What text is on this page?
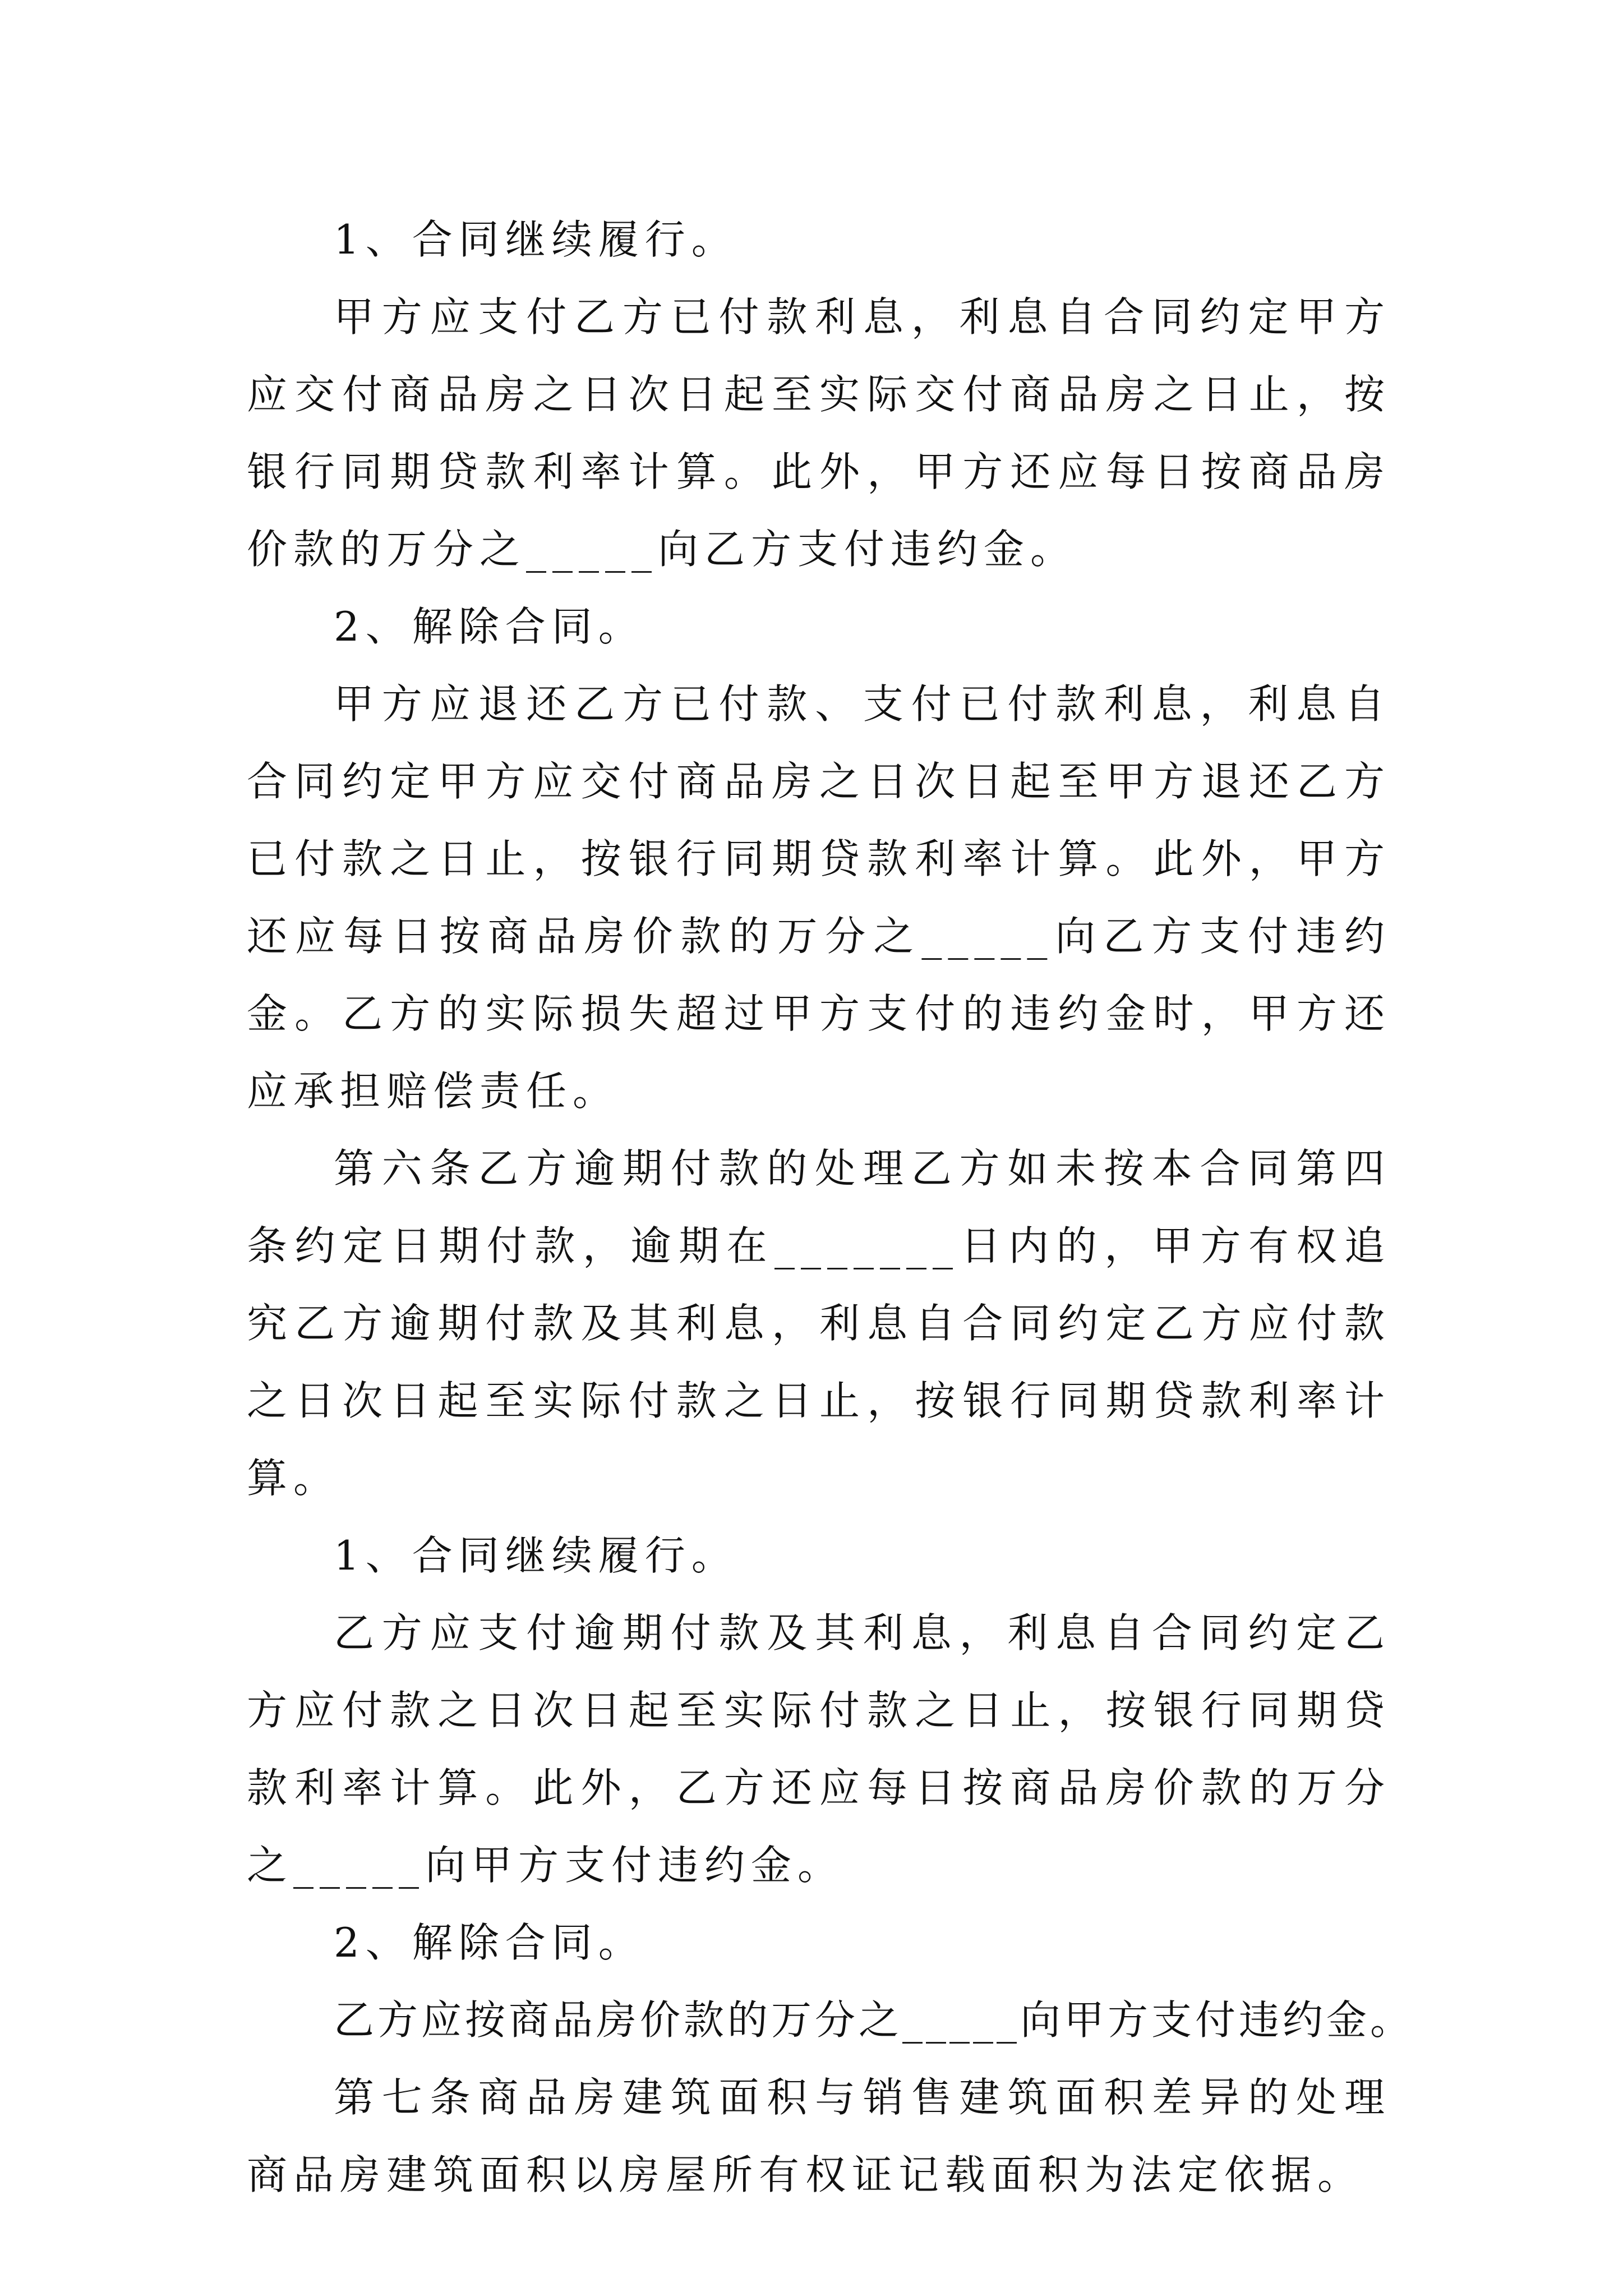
1、合同继续履行。

甲方应支付乙方已付款利息，利息自合同约定甲方应交付商品房之日次日起至实际交付商品房之日止，按银行同期贷款利率计算。此外，甲方还应每日按商品房价款的万分之_____向乙方支付违约金。

2、解除合同。

甲方应退还乙方已付款、支付已付款利息，利息自合同约定甲方应交付商品房之日次日起至甲方退还乙方已付款之日止，按银行同期贷款利率计算。此外，甲方还应每日按商品房价款的万分之_____向乙方支付违约金。乙方的实际损失超过甲方支付的违约金时，甲方还应承担赔偿责任。

第六条乙方逾期付款的处理乙方如未按本合同第四条约定日期付款，逾期在_______日内的，甲方有权追究乙方逾期付款及其利息，利息自合同约定乙方应付款之日次日起至实际付款之日止，按银行同期贷款利率计算。

1、合同继续履行。

乙方应支付逾期付款及其利息，利息自合同约定乙方应付款之日次日起至实际付款之日止，按银行同期贷款利率计算。此外，乙方还应每日按商品房价款的万分之_____向甲方支付违约金。

2、解除合同。

乙方应按商品房价款的万分之_____向甲方支付违约金。

第七条商品房建筑面积与销售建筑面积差异的处理商品房建筑面积以房屋所有权证记载面积为法定依据。
